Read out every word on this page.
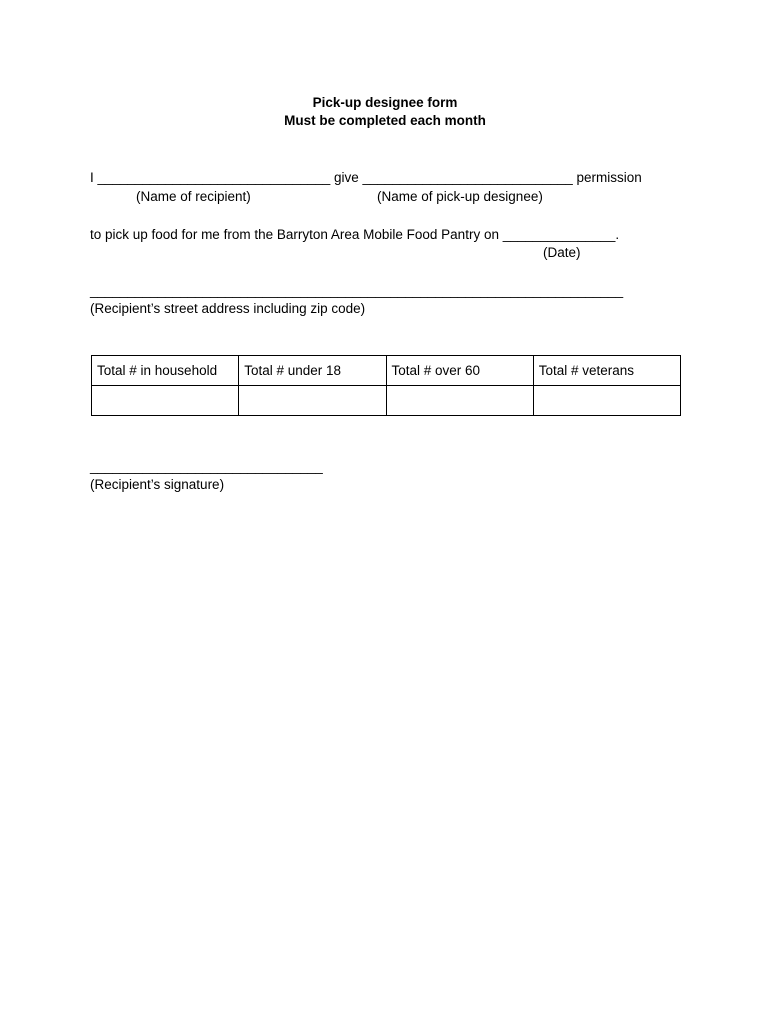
Pick-up designee form
Must be completed each month
I _______________________________ give ____________________________ permission
(Name of recipient)	(Name of pick-up designee)
to pick up food for me from the Barryton Area Mobile Food Pantry on _______________.
(Date)
_______________________________________________________________________
(Recipient’s street address including zip code)
Total # in household	Total # under 18	Total # over 60	Total # veterans

_______________________________
(Recipient’s signature)
